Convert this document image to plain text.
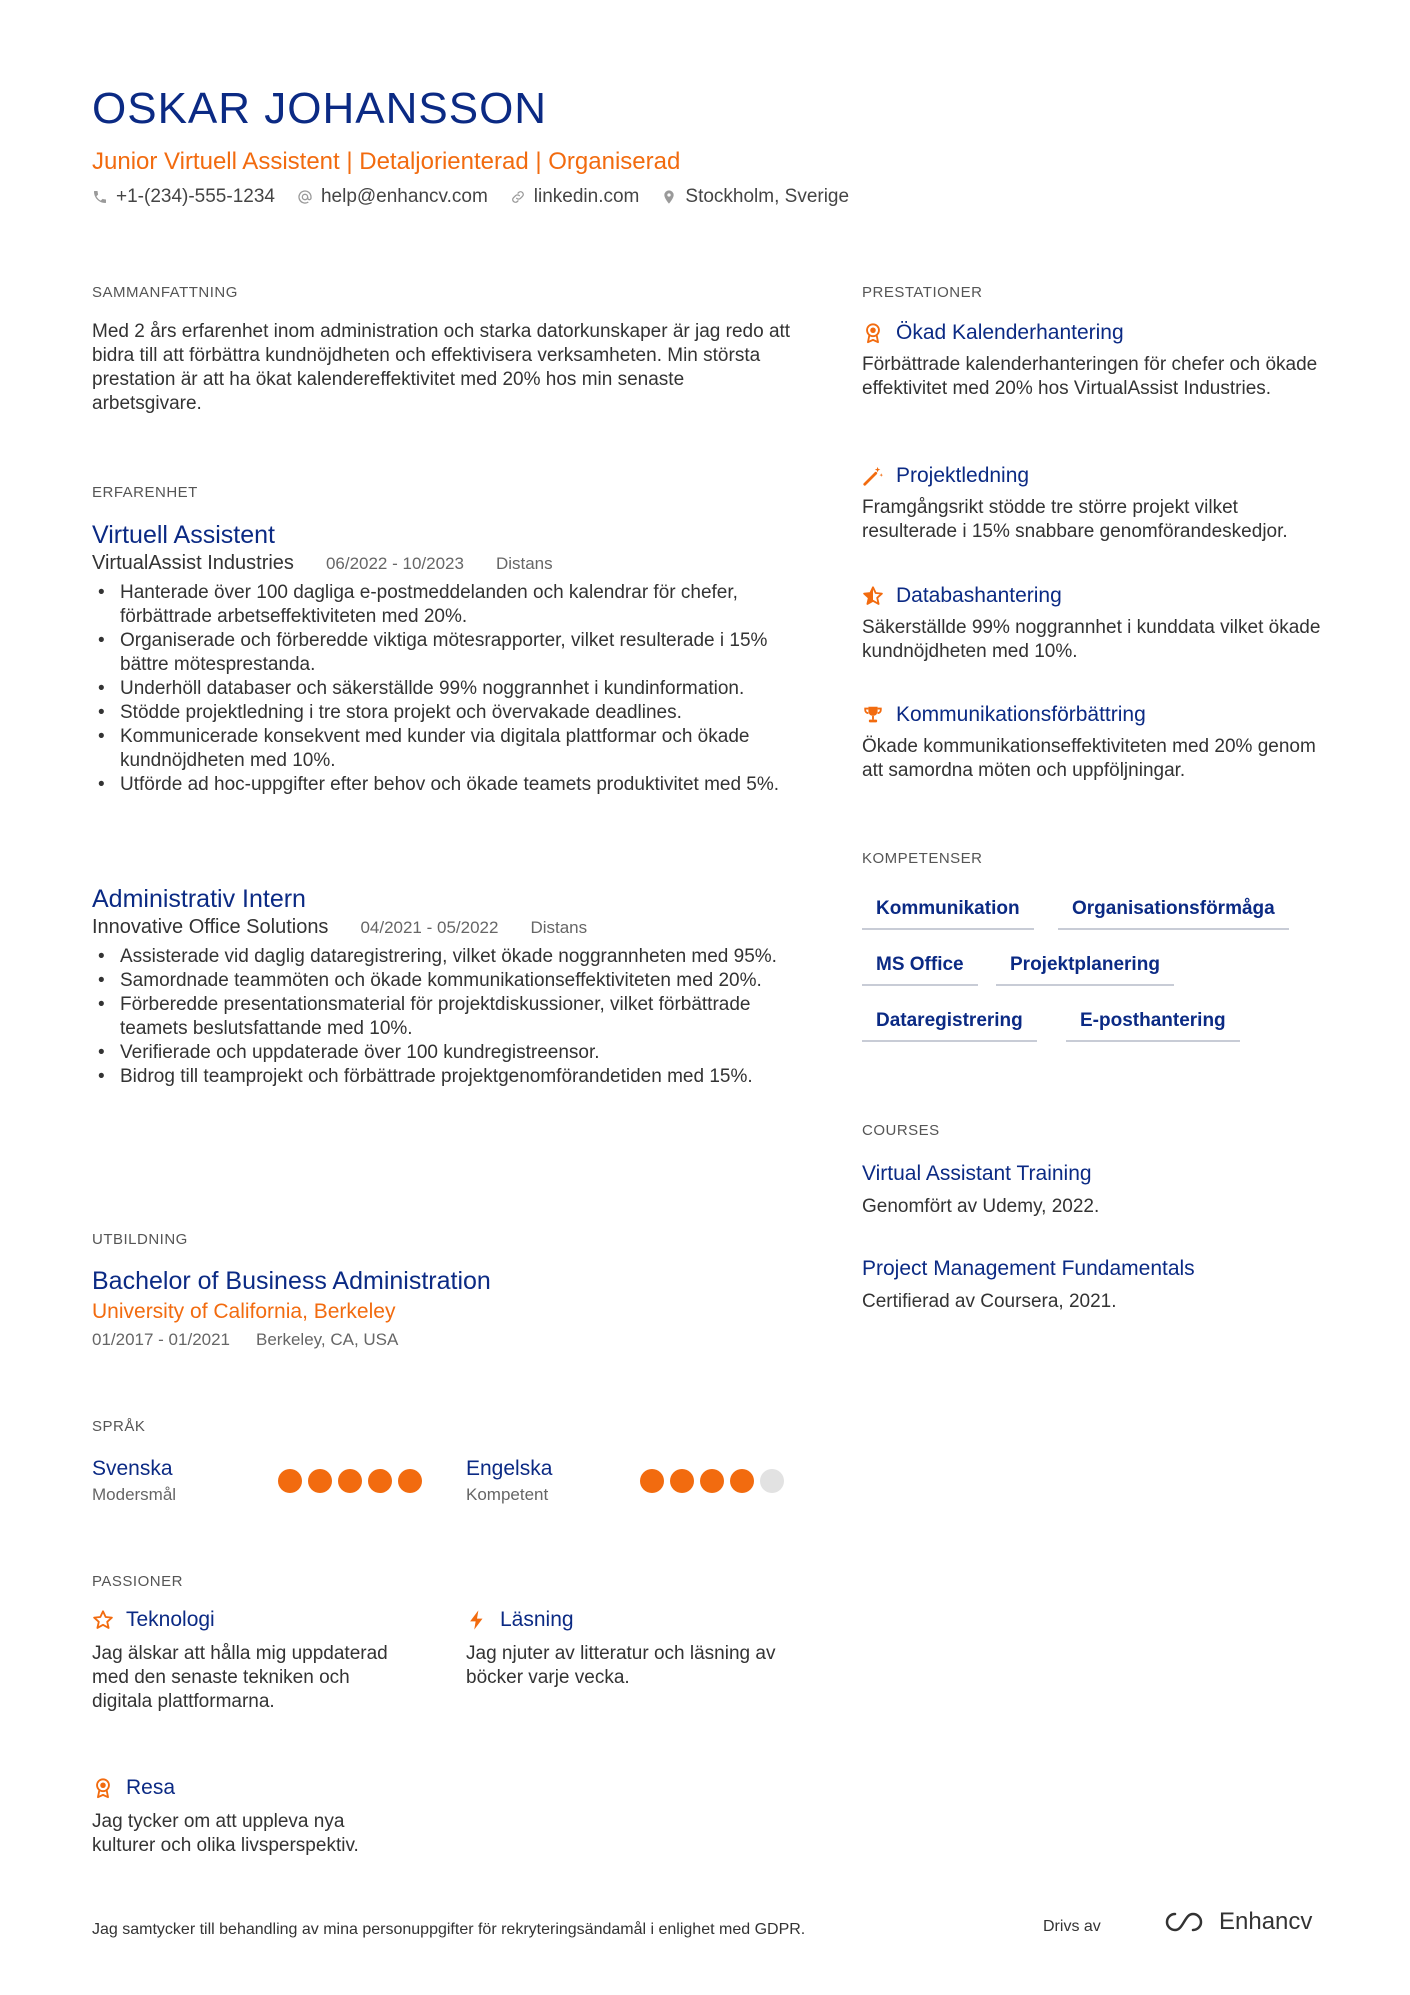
OSKAR JOHANSSON
Junior Virtuell Assistent | Detaljorienterad | Organiserad
+1-(234)-555-1234 help@enhancv.com linkedin.com Stockholm, Sverige
SAMMANFATTNING
Med 2 års erfarenhet inom administration och starka datorkunskaper är jag redo att bidra till att förbättra kundnöjdheten och effektivisera verksamheten. Min största prestation är att ha ökat kalendereffektivitet med 20% hos min senaste arbetsgivare.
ERFARENHET
Virtuell Assistent
VirtualAssist Industries 06/2022 - 10/2023 Distans
• Hanterade över 100 dagliga e-postmeddelanden och kalendrar för chefer, förbättrade arbetseffektiviteten med 20%.
• Organiserade och förberedde viktiga mötesrapporter, vilket resulterade i 15% bättre mötesprestanda.
• Underhöll databaser och säkerställde 99% noggrannhet i kundinformation.
• Stödde projektledning i tre stora projekt och övervakade deadlines.
• Kommunicerade konsekvent med kunder via digitala plattformar och ökade kundnöjdheten med 10%.
• Utförde ad hoc-uppgifter efter behov och ökade teamets produktivitet med 5%.
Administrativ Intern
Innovative Office Solutions 04/2021 - 05/2022 Distans
• Assisterade vid daglig dataregistrering, vilket ökade noggrannheten med 95%.
• Samordnade teammöten och ökade kommunikationseffektiviteten med 20%.
• Förberedde presentationsmaterial för projektdiskussioner, vilket förbättrade teamets beslutsfattande med 10%.
• Verifierade och uppdaterade över 100 kundregistreensor.
• Bidrog till teamprojekt och förbättrade projektgenomförandetiden med 15%.
UTBILDNING
Bachelor of Business Administration
University of California, Berkeley
01/2017 - 01/2021 Berkeley, CA, USA
SPRÅK
Svenska
Modersmål
Engelska
Kompetent
PASSIONER
Teknologi
Jag älskar att hålla mig uppdaterad med den senaste tekniken och digitala plattformarna.
Läsning
Jag njuter av litteratur och läsning av böcker varje vecka.
Resa
Jag tycker om att uppleva nya kulturer och olika livsperspektiv.
PRESTATIONER
Ökad Kalenderhantering
Förbättrade kalenderhanteringen för chefer och ökade effektivitet med 20% hos VirtualAssist Industries.
Projektledning
Framgångsrikt stödde tre större projekt vilket resulterade i 15% snabbare genomförandeskedjor.
Databashantering
Säkerställde 99% noggrannhet i kunddata vilket ökade kundnöjdheten med 10%.
Kommunikationsförbättring
Ökade kommunikationseffektiviteten med 20% genom att samordna möten och uppföljningar.
KOMPETENSER
Kommunikation	Organisationsförmåga
MS Office	Projektplanering
Dataregistrering	E-posthantering
COURSES
Virtual Assistant Training
Genomfört av Udemy, 2022.
Project Management Fundamentals
Certifierad av Coursera, 2021.
Jag samtycker till behandling av mina personuppgifter för rekryteringsändamål i enlighet med GDPR.	Drivs av	Enhancv
